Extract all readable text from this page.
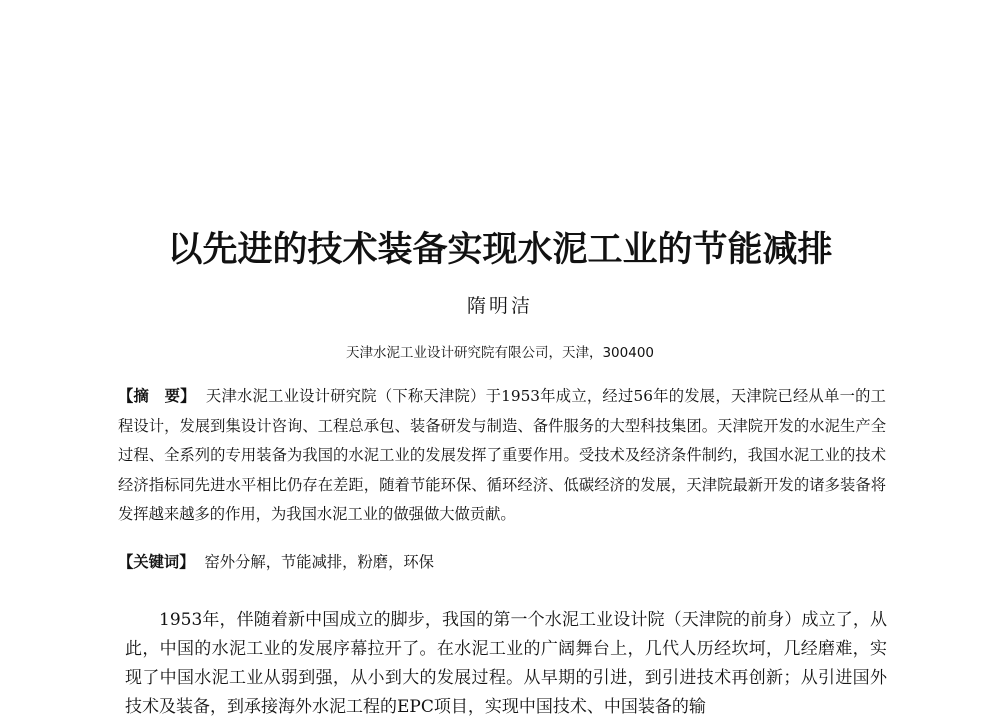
以先进的技术装备实现水泥工业的节能减排
隋明洁
天津水泥工业设计研究院有限公司，天津，300400

【摘　要】 天津水泥工业设计研究院（下称天津院）于1953年成立，经过56年的发展，天津院已经从单一的工程设计，发展到集设计咨询、工程总承包、装备研发与制造、备件服务的大型科技集团。天津院开发的水泥生产全过程、全系列的专用装备为我国的水泥工业的发展发挥了重要作用。受技术及经济条件制约，我国水泥工业的技术经济指标同先进水平相比仍存在差距，随着节能环保、循环经济、低碳经济的发展，天津院最新开发的诸多装备将发挥越来越多的作用，为我国水泥工业的做强做大做贡献。

【关键词】 窑外分解，节能减排，粉磨，环保

1953年，伴随着新中国成立的脚步，我国的第一个水泥工业设计院（天津院的前身）成立了，从此，中国的水泥工业的发展序幕拉开了。在水泥工业的广阔舞台上，几代人历经坎坷，几经磨难，实现了中国水泥工业从弱到强，从小到大的发展过程。从早期的引进，到引进技术再创新；从引进国外技术及装备，到承接海外水泥工程的EPC项目，实现中国技术、中国装备的输
